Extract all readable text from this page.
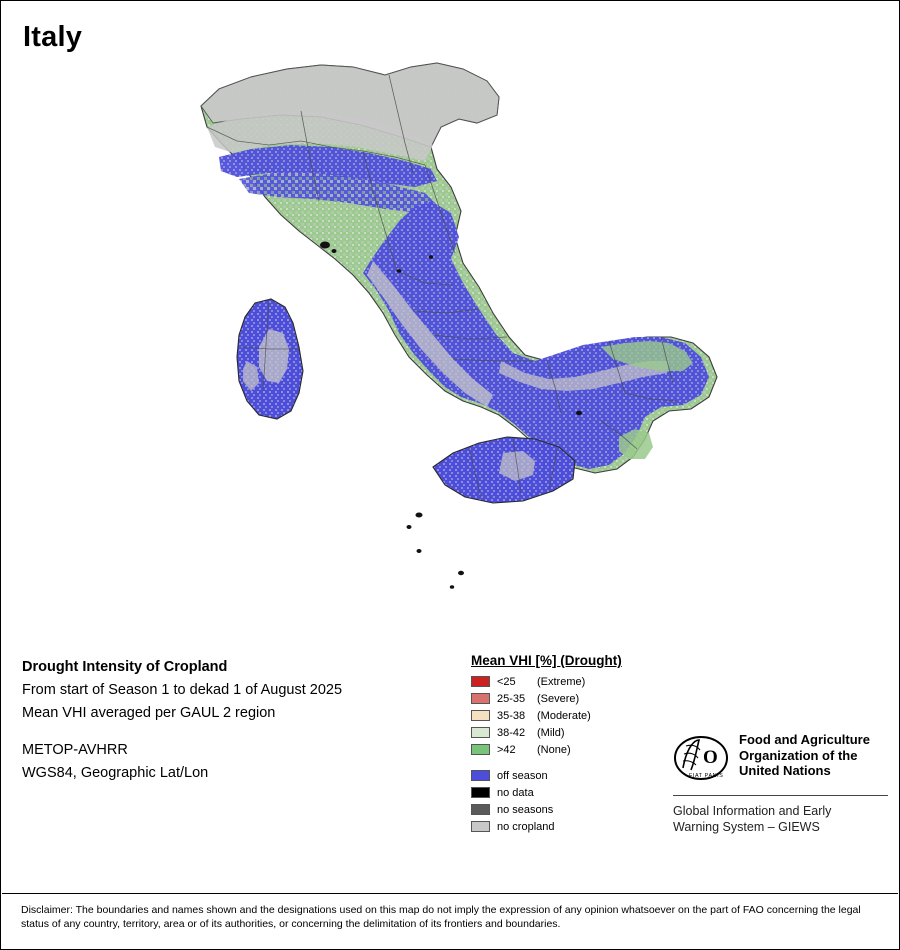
Italy
Drought Intensity of Cropland
From start of Season 1 to dekad 1 of August 2025
Mean VHI averaged per GAUL 2 region
METOP-AVHRR
WGS84, Geographic Lat/Lon
Mean VHI [%] (Drought)
<25 (Extreme)
25-35 (Severe)
35-38 (Moderate)
38-42 (Mild)
>42 (None)
off season
no data
no seasons
no cropland
O
FIAT PANIS
Food and Agriculture
Organization of the
United Nations
Global Information and Early
Warning System – GIEWS
Disclaimer: The boundaries and names shown and the designations used on this map do not imply the expression of any opinion whatsoever on the part of FAO concerning the legal status of any country, territory, area or of its authorities, or concerning the delimitation of its frontiers and boundaries.
